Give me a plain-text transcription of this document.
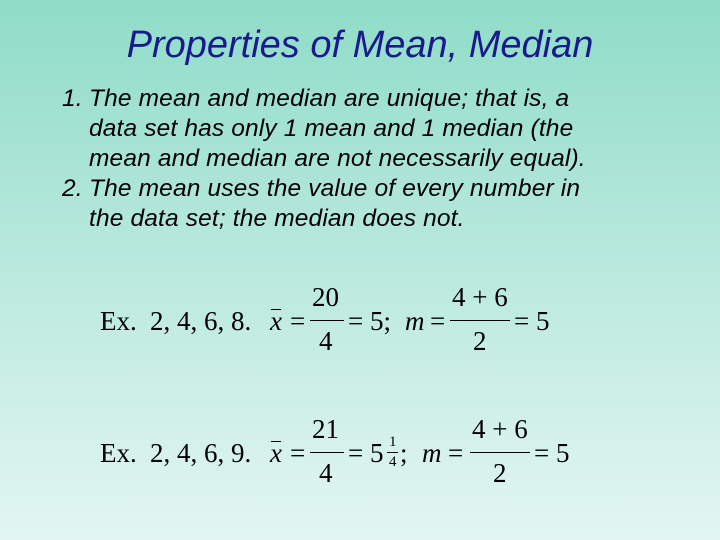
Properties of Mean, Median
1. The mean and median are unique; that is, a
data set has only 1 mean and 1 median (the
mean and median are not necessarily equal).
2. The mean uses the value of every number in
the data set; the median does not.
Ex. 2, 4, 6, 8. x =
20
4
= 5; m =
4 + 6
2
= 5
Ex. 2, 4, 6, 9. x =
21
4
= 5 1
4 ; m =
4 + 6
2
= 5
